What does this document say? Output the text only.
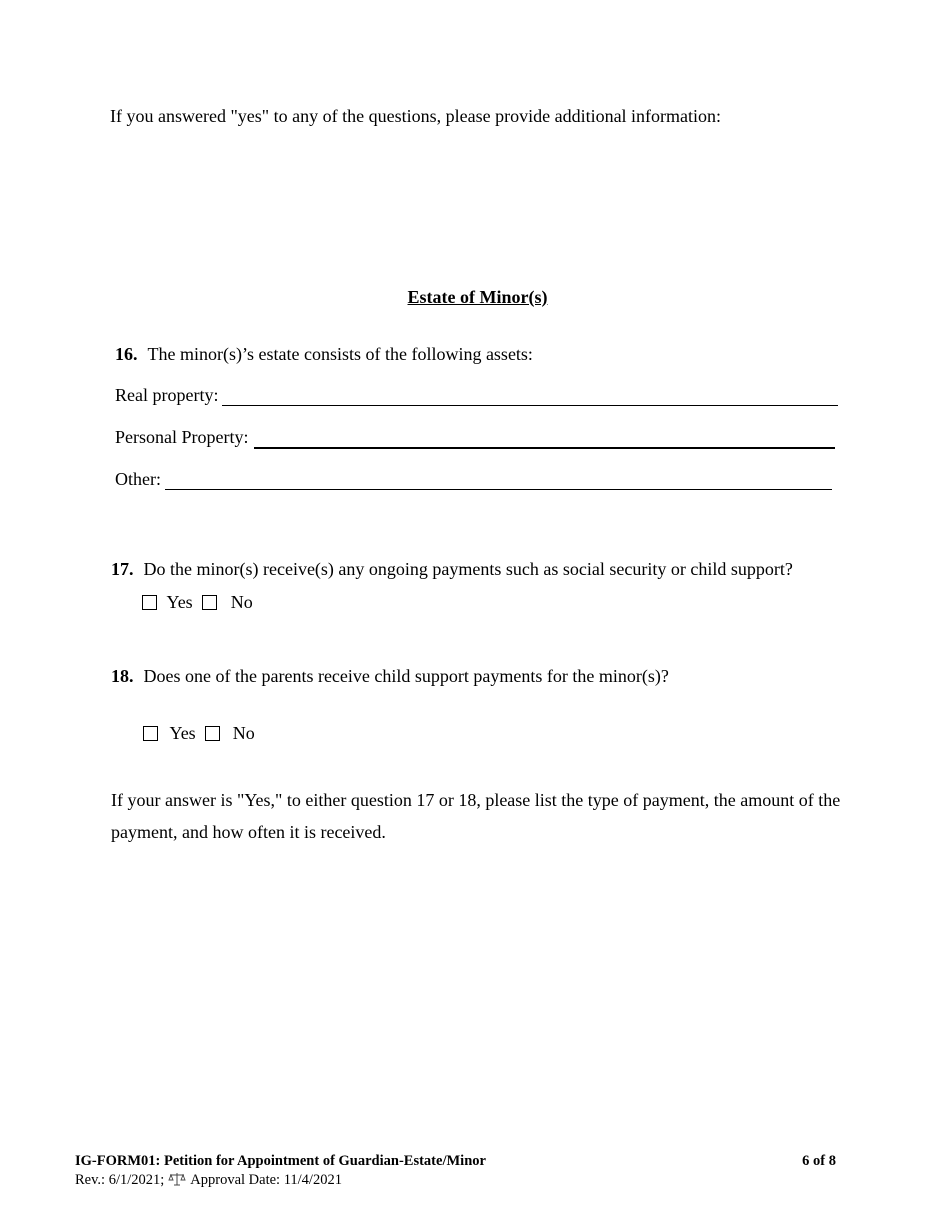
If you answered "yes" to any of the questions, please provide additional information:
Estate of Minor(s)
16. The minor(s)’s estate consists of the following assets:
Real property:
Personal Property:
Other:
17. Do the minor(s) receive(s) any ongoing payments such as social security or child support?
Yes No
18. Does one of the parents receive child support payments for the minor(s)?
Yes No
If your answer is "Yes," to either question 17 or 18, please list the type of payment, the amount of the payment, and how often it is received.
IG-FORM01: Petition for Appointment of Guardian-Estate/Minor	6 of 8
Rev.: 6/1/2021; Approval Date: 11/4/2021
